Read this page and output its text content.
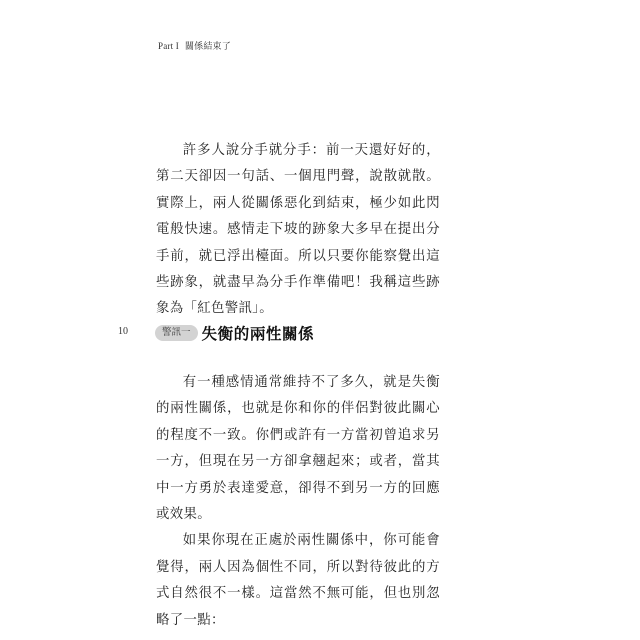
Part I 關係結束了

許多人說分手就分手：前一天還好好的，第二天卻因一句話、一個甩門聲，說散就散。實際上，兩人從關係惡化到結束，極少如此閃電般快速。感情走下坡的跡象大多早在提出分手前，就已浮出檯面。所以只要你能察覺出這些跡象，就盡早為分手作準備吧！我稱這些跡象為「紅色警訊」。

10	警訊一 失衡的兩性關係

有一種感情通常維持不了多久，就是失衡的兩性關係，也就是你和你的伴侶對彼此關心的程度不一致。你們或許有一方當初曾追求另一方，但現在另一方卻拿翹起來；或者，當其中一方勇於表達愛意，卻得不到另一方的回應或效果。

如果你現在正處於兩性關係中，你可能會覺得，兩人因為個性不同，所以對待彼此的方式自然很不一樣。這當然不無可能，但也別忽略了一點：
